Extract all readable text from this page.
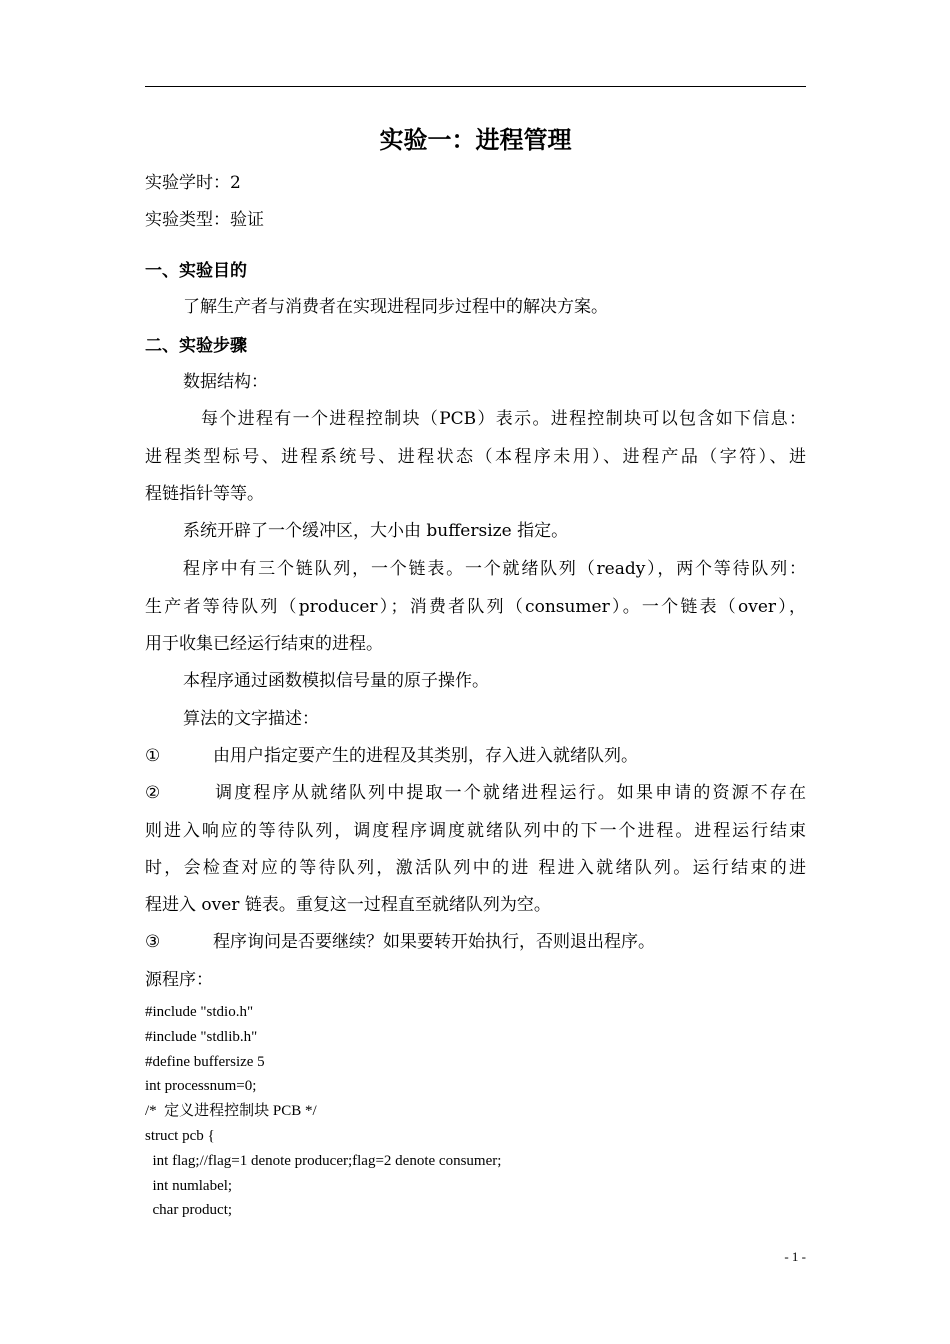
实验一：进程管理
实验学时：2
实验类型：验证
一、实验目的
了解生产者与消费者在实现进程同步过程中的解决方案。
二、实验步骤
数据结构：
每个进程有一个进程控制块（PCB）表示。进程控制块可以包含如下信息：
进程类型标号、进程系统号、进程状态（本程序未用）、进程产品（字符）、进
程链指针等等。
系统开辟了一个缓冲区，大小由 buffersize 指定。
程序中有三个链队列，一个链表。一个就绪队列（ready），两个等待队列：
生产者等待队列（producer）；消费者队列（consumer）。一个链表（over），
用于收集已经运行结束的进程。
本程序通过函数模拟信号量的原子操作。
算法的文字描述：
①	由用户指定要产生的进程及其类别，存入进入就绪队列。
②	调度程序从就绪队列中提取一个就绪进程运行。如果申请的资源不存在
则进入响应的等待队列，调度程序调度就绪队列中的下一个进程。进程运行结束
时，会检查对应的等待队列，激活队列中的进 程进入就绪队列。运行结束的进
程进入 over 链表。重复这一过程直至就绪队列为空。
③	程序询问是否要继续？如果要转开始执行，否则退出程序。
源程序：
#include "stdio.h"
#include "stdlib.h"
#define buffersize 5
int processnum=0;
/*  定义进程控制块 PCB */
struct pcb {
int flag;//flag=1 denote producer;flag=2 denote consumer;
int numlabel;
char product;
- 1 -
